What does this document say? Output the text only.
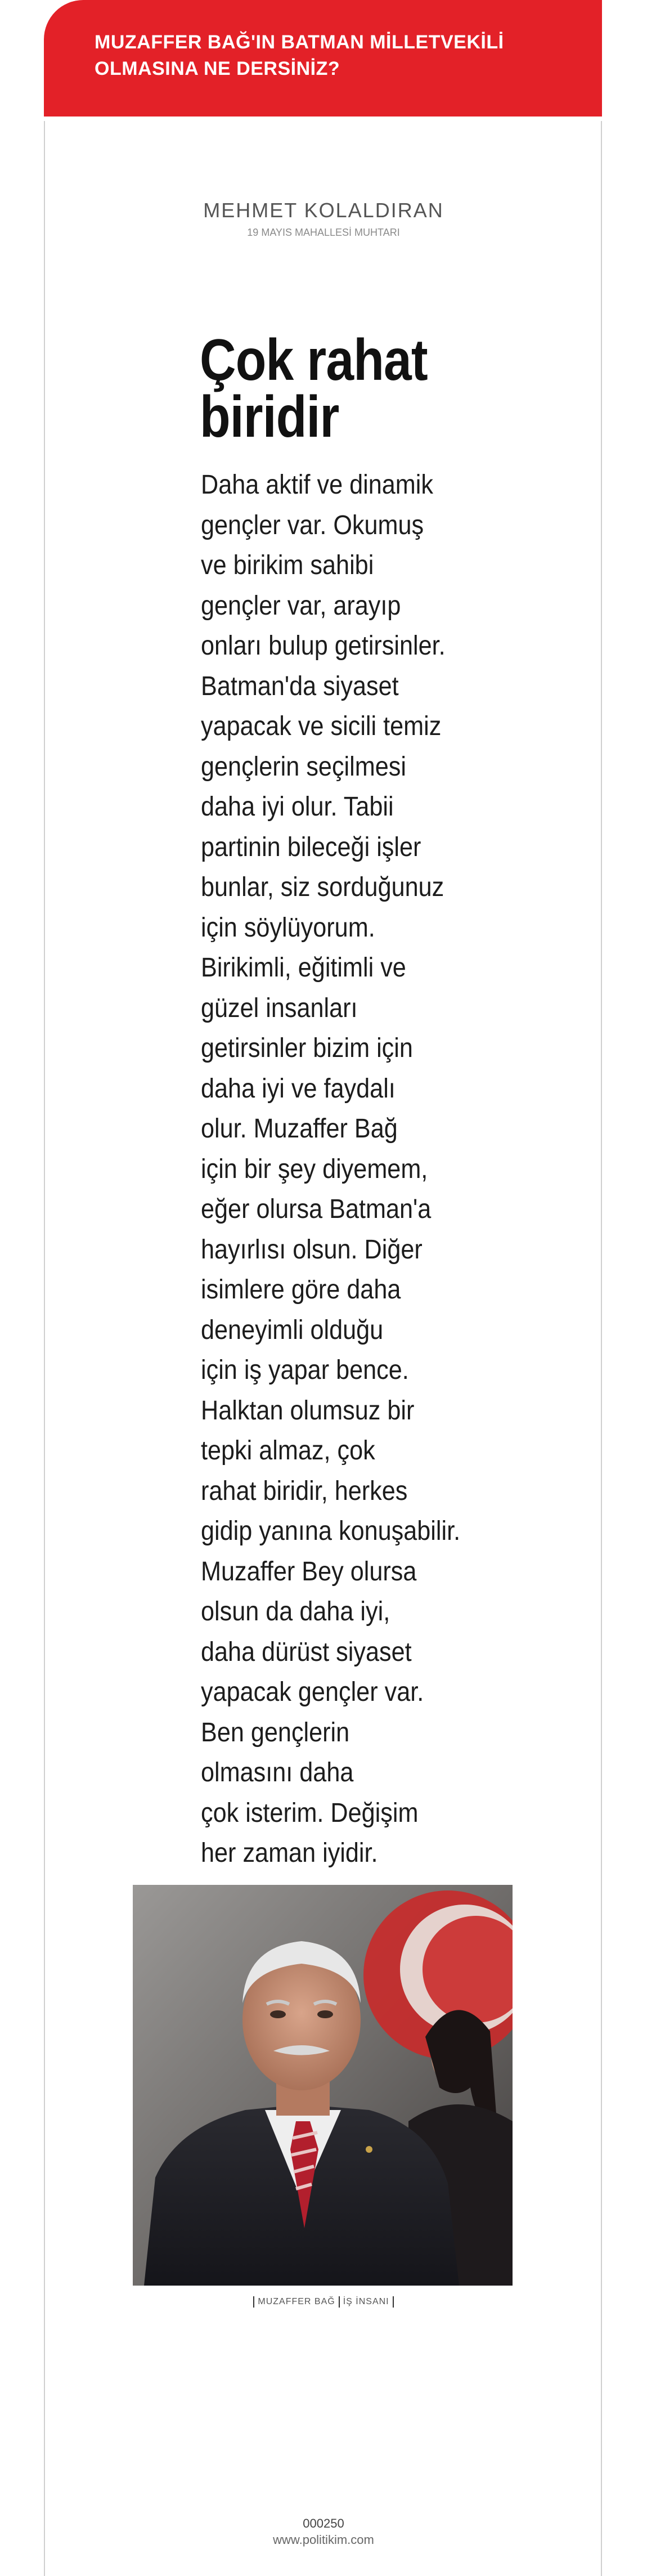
MUZAFFER BAĞ'IN BATMAN MİLLETVEKİLİ
OLMASINA NE DERSİNİZ?
MEHMET KOLALDIRAN
19 MAYIS MAHALLESİ MUHTARI
Çok rahat
biridir

Daha aktif ve dinamik
gençler var. Okumuş
ve birikim sahibi
gençler var, arayıp
onları bulup getirsinler.
Batman'da siyaset
yapacak ve sicili temiz
gençlerin seçilmesi
daha iyi olur. Tabii
partinin bileceği işler
bunlar, siz sorduğunuz
için söylüyorum.
Birikimli, eğitimli ve
güzel insanları
getirsinler bizim için
daha iyi ve faydalı
olur. Muzaffer Bağ
için bir şey diyemem,
eğer olursa Batman'a
hayırlısı olsun. Diğer
isimlere göre daha
deneyimli olduğu
için iş yapar bence.
Halktan olumsuz bir
tepki almaz, çok
rahat biridir, herkes
gidip yanına konuşabilir.
Muzaffer Bey olursa
olsun da daha iyi,
daha dürüst siyaset
yapacak gençler var.
Ben gençlerin
olmasını daha
çok isterim. Değişim
her zaman iyidir.

MUZAFFER BAĞ İŞ İNSANI
000250
www.politikim.com
